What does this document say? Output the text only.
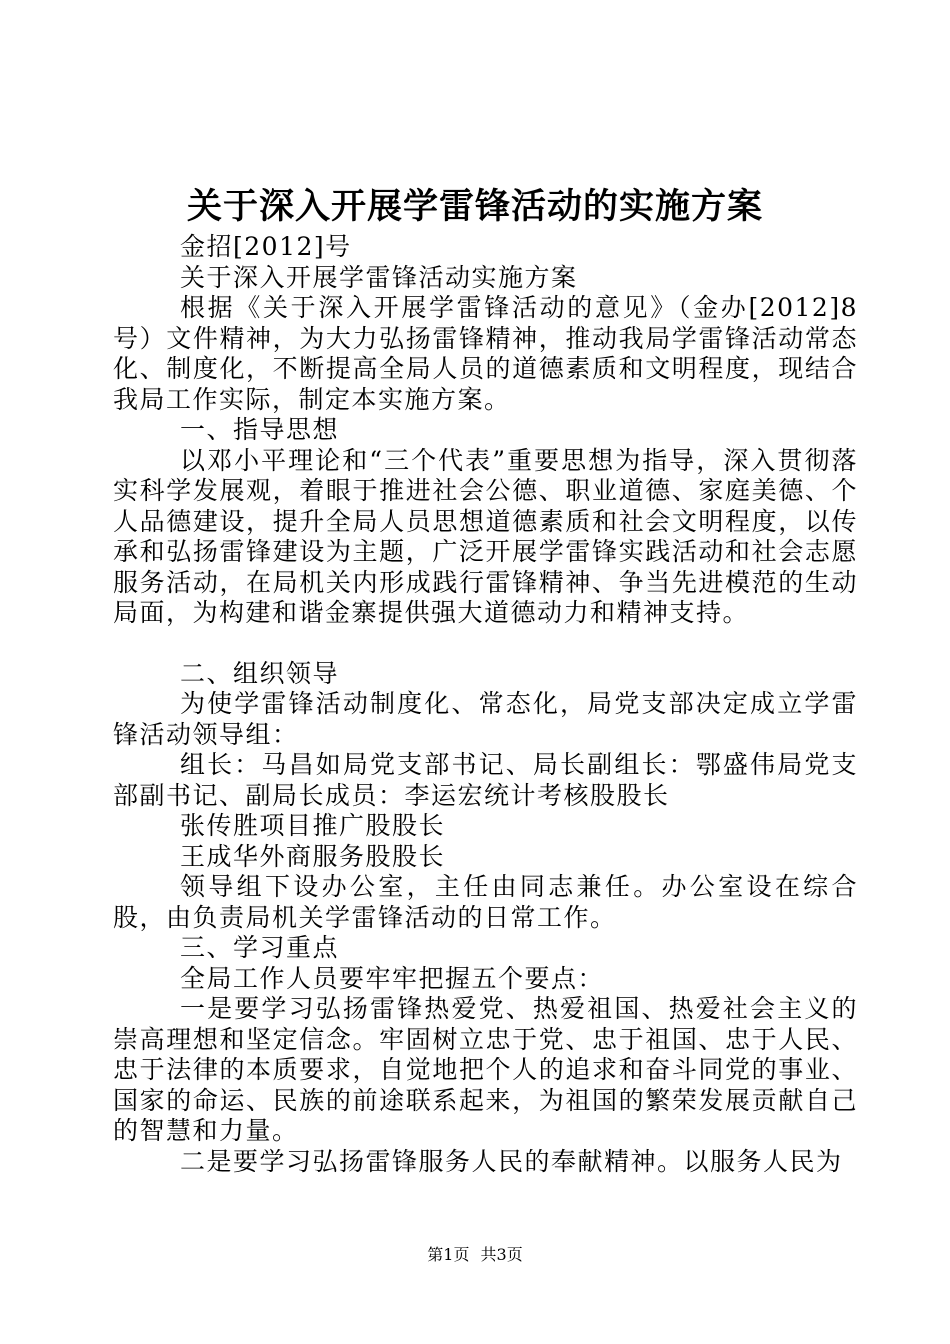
关于深入开展学雷锋活动的实施方案

金招[2012]号

关于深入开展学雷锋活动实施方案

根据《关于深入开展学雷锋活动的意见》（金办[2012]8号）文件精神，为大力弘扬雷锋精神，推动我局学雷锋活动常态化、制度化，不断提高全局人员的道德素质和文明程度，现结合我局工作实际，制定本实施方案。

一、指导思想

以邓小平理论和“三个代表”重要思想为指导，深入贯彻落实科学发展观，着眼于推进社会公德、职业道德、家庭美德、个人品德建设，提升全局人员思想道德素质和社会文明程度，以传承和弘扬雷锋建设为主题，广泛开展学雷锋实践活动和社会志愿服务活动，在局机关内形成践行雷锋精神、争当先进模范的生动局面，为构建和谐金寨提供强大道德动力和精神支持。

二、组织领导

为使学雷锋活动制度化、常态化，局党支部决定成立学雷锋活动领导组：

组长：马昌如局党支部书记、局长副组长：鄂盛伟局党支部副书记、副局长成员：李运宏统计考核股股长

张传胜项目推广股股长

王成华外商服务股股长

领导组下设办公室，主任由同志兼任。办公室设在综合股，由负责局机关学雷锋活动的日常工作。

三、学习重点

全局工作人员要牢牢把握五个要点：

一是要学习弘扬雷锋热爱党、热爱祖国、热爱社会主义的崇高理想和坚定信念。牢固树立忠于党、忠于祖国、忠于人民、忠于法律的本质要求，自觉地把个人的追求和奋斗同党的事业、国家的命运、民族的前途联系起来，为祖国的繁荣发展贡献自己的智慧和力量。

二是要学习弘扬雷锋服务人民的奉献精神。以服务人民为

第1页 共3页
